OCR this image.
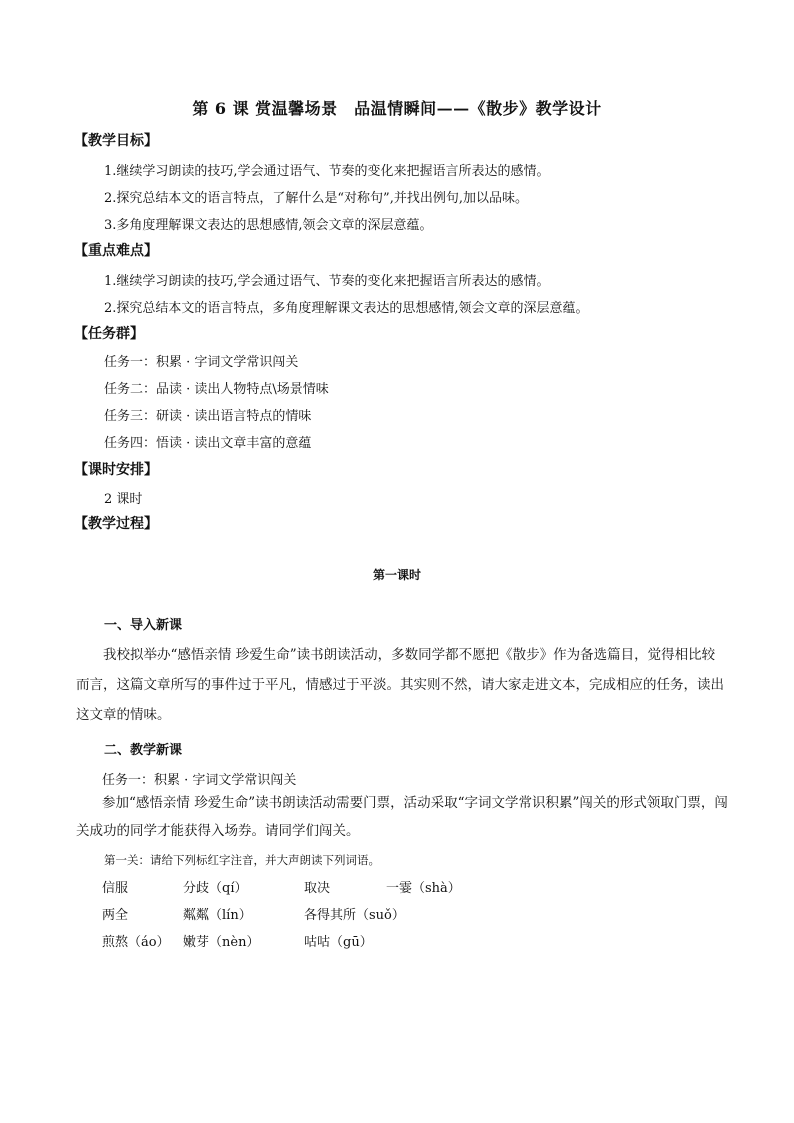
第 6 课 赏温馨场景　品温情瞬间——《散步》教学设计
【教学目标】
1.继续学习朗读的技巧,学会通过语气、节奏的变化来把握语言所表达的感情。
2.探究总结本文的语言特点，了解什么是“对称句”,并找出例句,加以品味。
3.多角度理解课文表达的思想感情,领会文章的深层意蕴。
【重点难点】
1.继续学习朗读的技巧,学会通过语气、节奏的变化来把握语言所表达的感情。
2.探究总结本文的语言特点，多角度理解课文表达的思想感情,领会文章的深层意蕴。
【任务群】
任务一：积累 · 字词文学常识闯关
任务二：品读 · 读出人物特点\场景情味
任务三：研读 · 读出语言特点的情味
任务四：悟读 · 读出文章丰富的意蕴
【课时安排】
2 课时
【教学过程】
第一课时
一、导入新课
我校拟举办“感悟亲情 珍爱生命”读书朗读活动，多数同学都不愿把《散步》作为备选篇目，觉得相比较而言，这篇文章所写的事件过于平凡，情感过于平淡。其实则不然，请大家走进文本，完成相应的任务，读出这文章的情味。
二、教学新课
任务一：积累 · 字词文学常识闯关
参加“感悟亲情 珍爱生命”读书朗读活动需要门票，活动采取“字词文学常识积累”闯关的形式领取门票，闯关成功的同学才能获得入场券。请同学们闯关。
第一关：请给下列标红字注音，并大声朗读下列词语。
信服	分歧（qí）	取决	一霎（shà）
两全	粼粼（lín）	各得其所（suǒ）
煎熬（áo） 嫩芽（nèn）	咕咕（gū）
